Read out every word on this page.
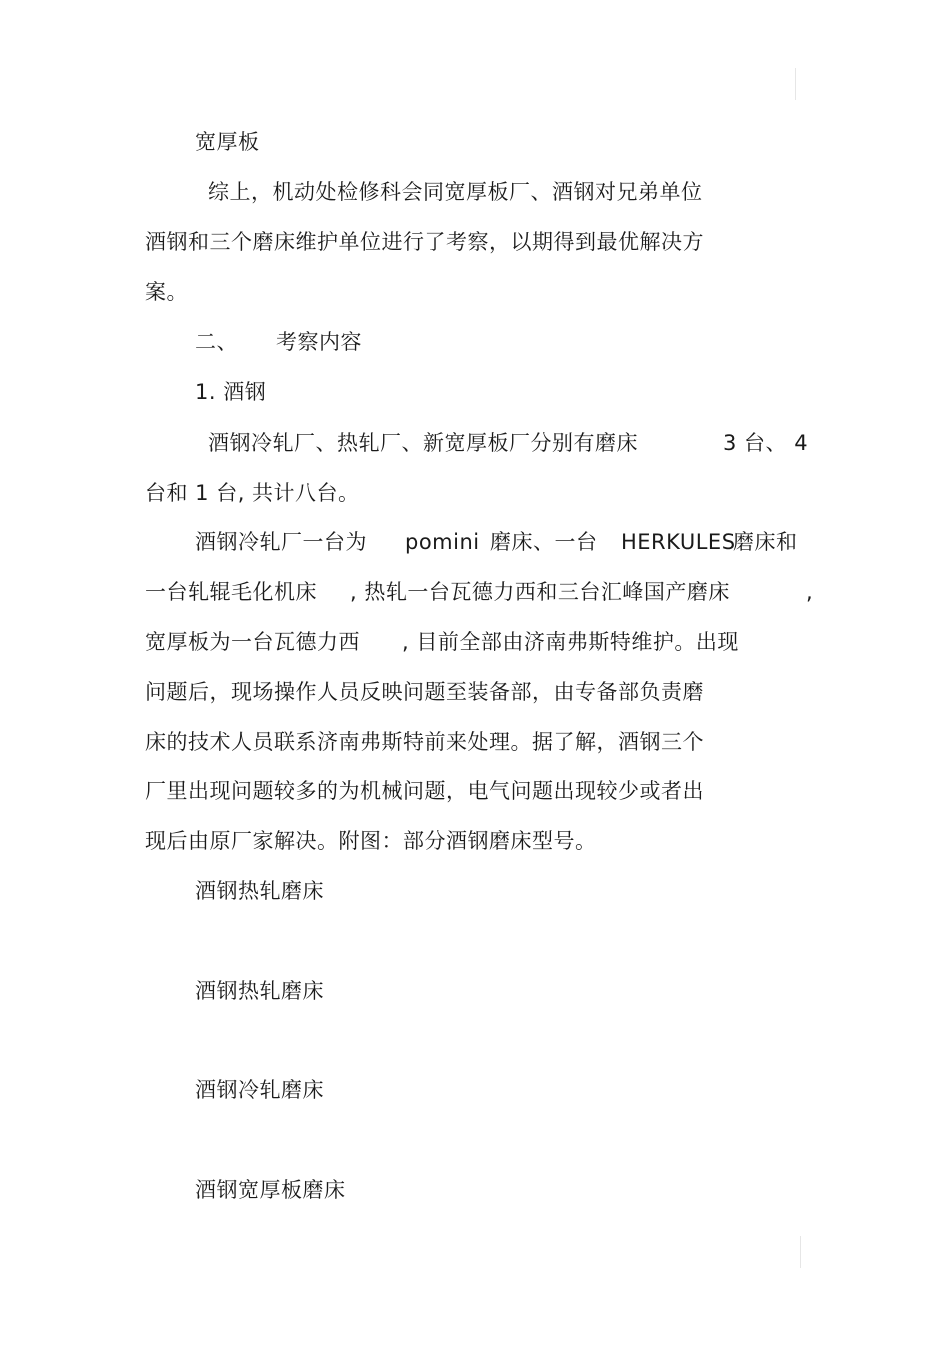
宽厚板
综上，机动处检修科会同宽厚板厂、酒钢对兄弟单位
酒钢和三个磨床维护单位进行了考察，以期得到最优解决方
案。
二、 考察内容
1. 酒钢
酒钢冷轧厂、热轧厂、新宽厚板厂分别有磨床	3 台、 4
台和 1 台, 共计八台。
酒钢冷轧厂一台为 pomini 磨床、一台 HERKULES
磨床和
一台轧辊毛化机床 , 热轧一台瓦德力西和三台汇峰国产磨床	,
宽厚板为一台瓦德力西 , 目前全部由济南弗斯特维护。出现
问题后，现场操作人员反映问题至装备部，由专备部负责磨
床的技术人员联系济南弗斯特前来处理。据了解，酒钢三个
厂里出现问题较多的为机械问题，电气问题出现较少或者出
现后由原厂家解决。附图：部分酒钢磨床型号。
酒钢热轧磨床
酒钢热轧磨床
酒钢冷轧磨床
酒钢宽厚板磨床
